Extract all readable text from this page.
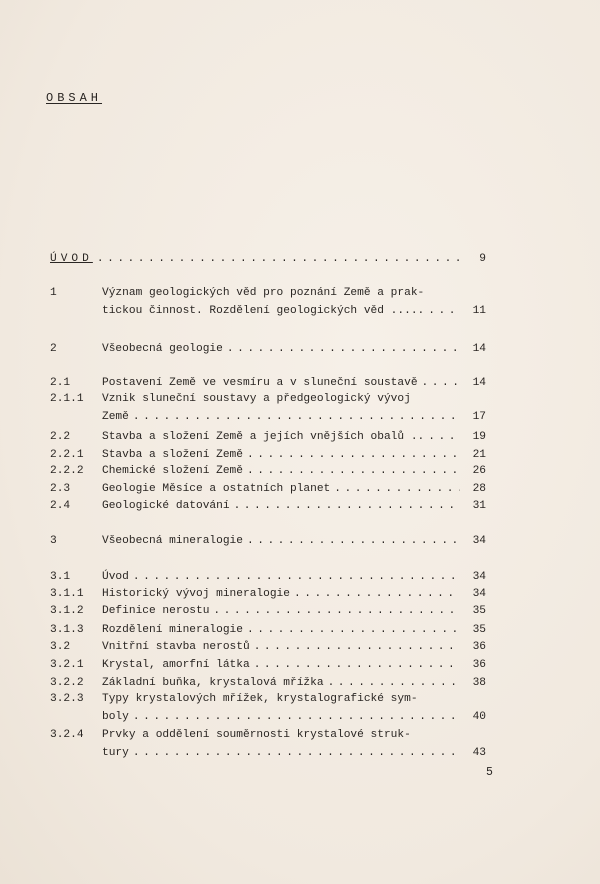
OBSAH
ÚVOD . . .	9
1	Význam geologických věd pro poznání Země a prak-
tickou činnost. Rozdělení geologických věd ..... . . .	11
2	Všeobecná geologie . . .	14
2.1	Postavení Země ve vesmíru a v sluneční soustavě . . .	14
2.1.1 Vznik sluneční soustavy a předgeologický vývoj
Země . . .	17
2.2	Stavba a složení Země a jejích vnějších obalů .. . . .	19
2.2.1 Stavba a složení Země . . .	21
2.2.2 Chemické složení Země . . .	26
2.3	Geologie Měsíce a ostatních planet . . .	28
2.4	Geologické datování . . .	31
3	Všeobecná mineralogie . . .	34
3.1	Úvod . . .	34
3.1.1 Historický vývoj mineralogie . . .	34
3.1.2 Definice nerostu . . .	35
3.1.3 Rozdělení mineralogie . . .	35
3.2	Vnitřní stavba nerostů . . .	36
3.2.1 Krystal, amorfní látka . . .	36
3.2.2 Základní buňka, krystalová mřížka . . .	38
3.2.3 Typy krystalových mřížek, krystalografické sym-
boly . . .	40
3.2.4 Prvky a oddělení souměrnosti krystalové struk-
tury . . .	43
5
